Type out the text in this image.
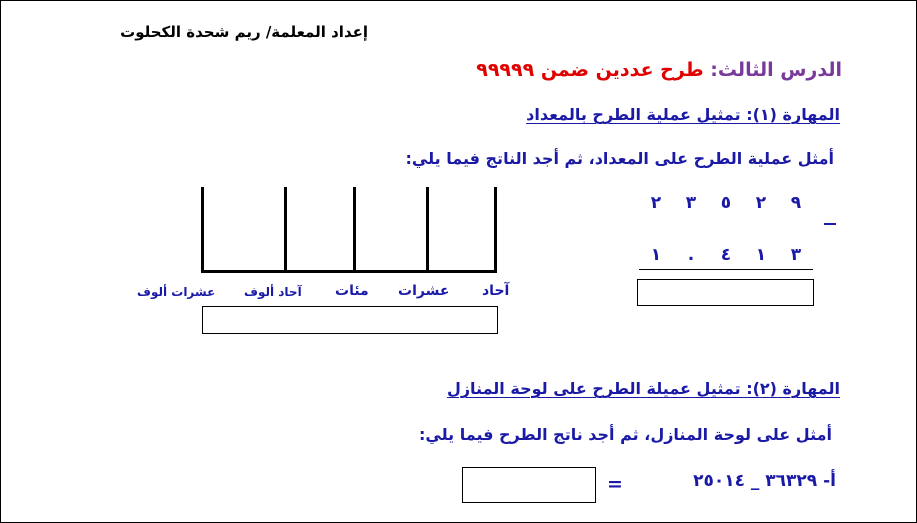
إعداد المعلمة/ ريم شحدة الكحلوت
الدرس الثالث: طرح عددين ضمن ٩٩٩٩٩
المهارة (١): تمثيل عملية الطرح بالمعداد
أمثل عملية الطرح على المعداد، ثم أجد الناتج فيما يلي:
آحاد
عشرات
مئات
آحاد ألوف
عشرات ألوف
٢ ٣ ٥ ٢ ٩
١	.	٤ ١ ٣
المهارة (٢): تمثيل عميلة الطرح على لوحة المنازل
أمثل على لوحة المنازل، ثم أجد ناتج الطرح فيما يلي:
أ- ٣٦٣٢٩ _ ٢٥٠١٤
=
